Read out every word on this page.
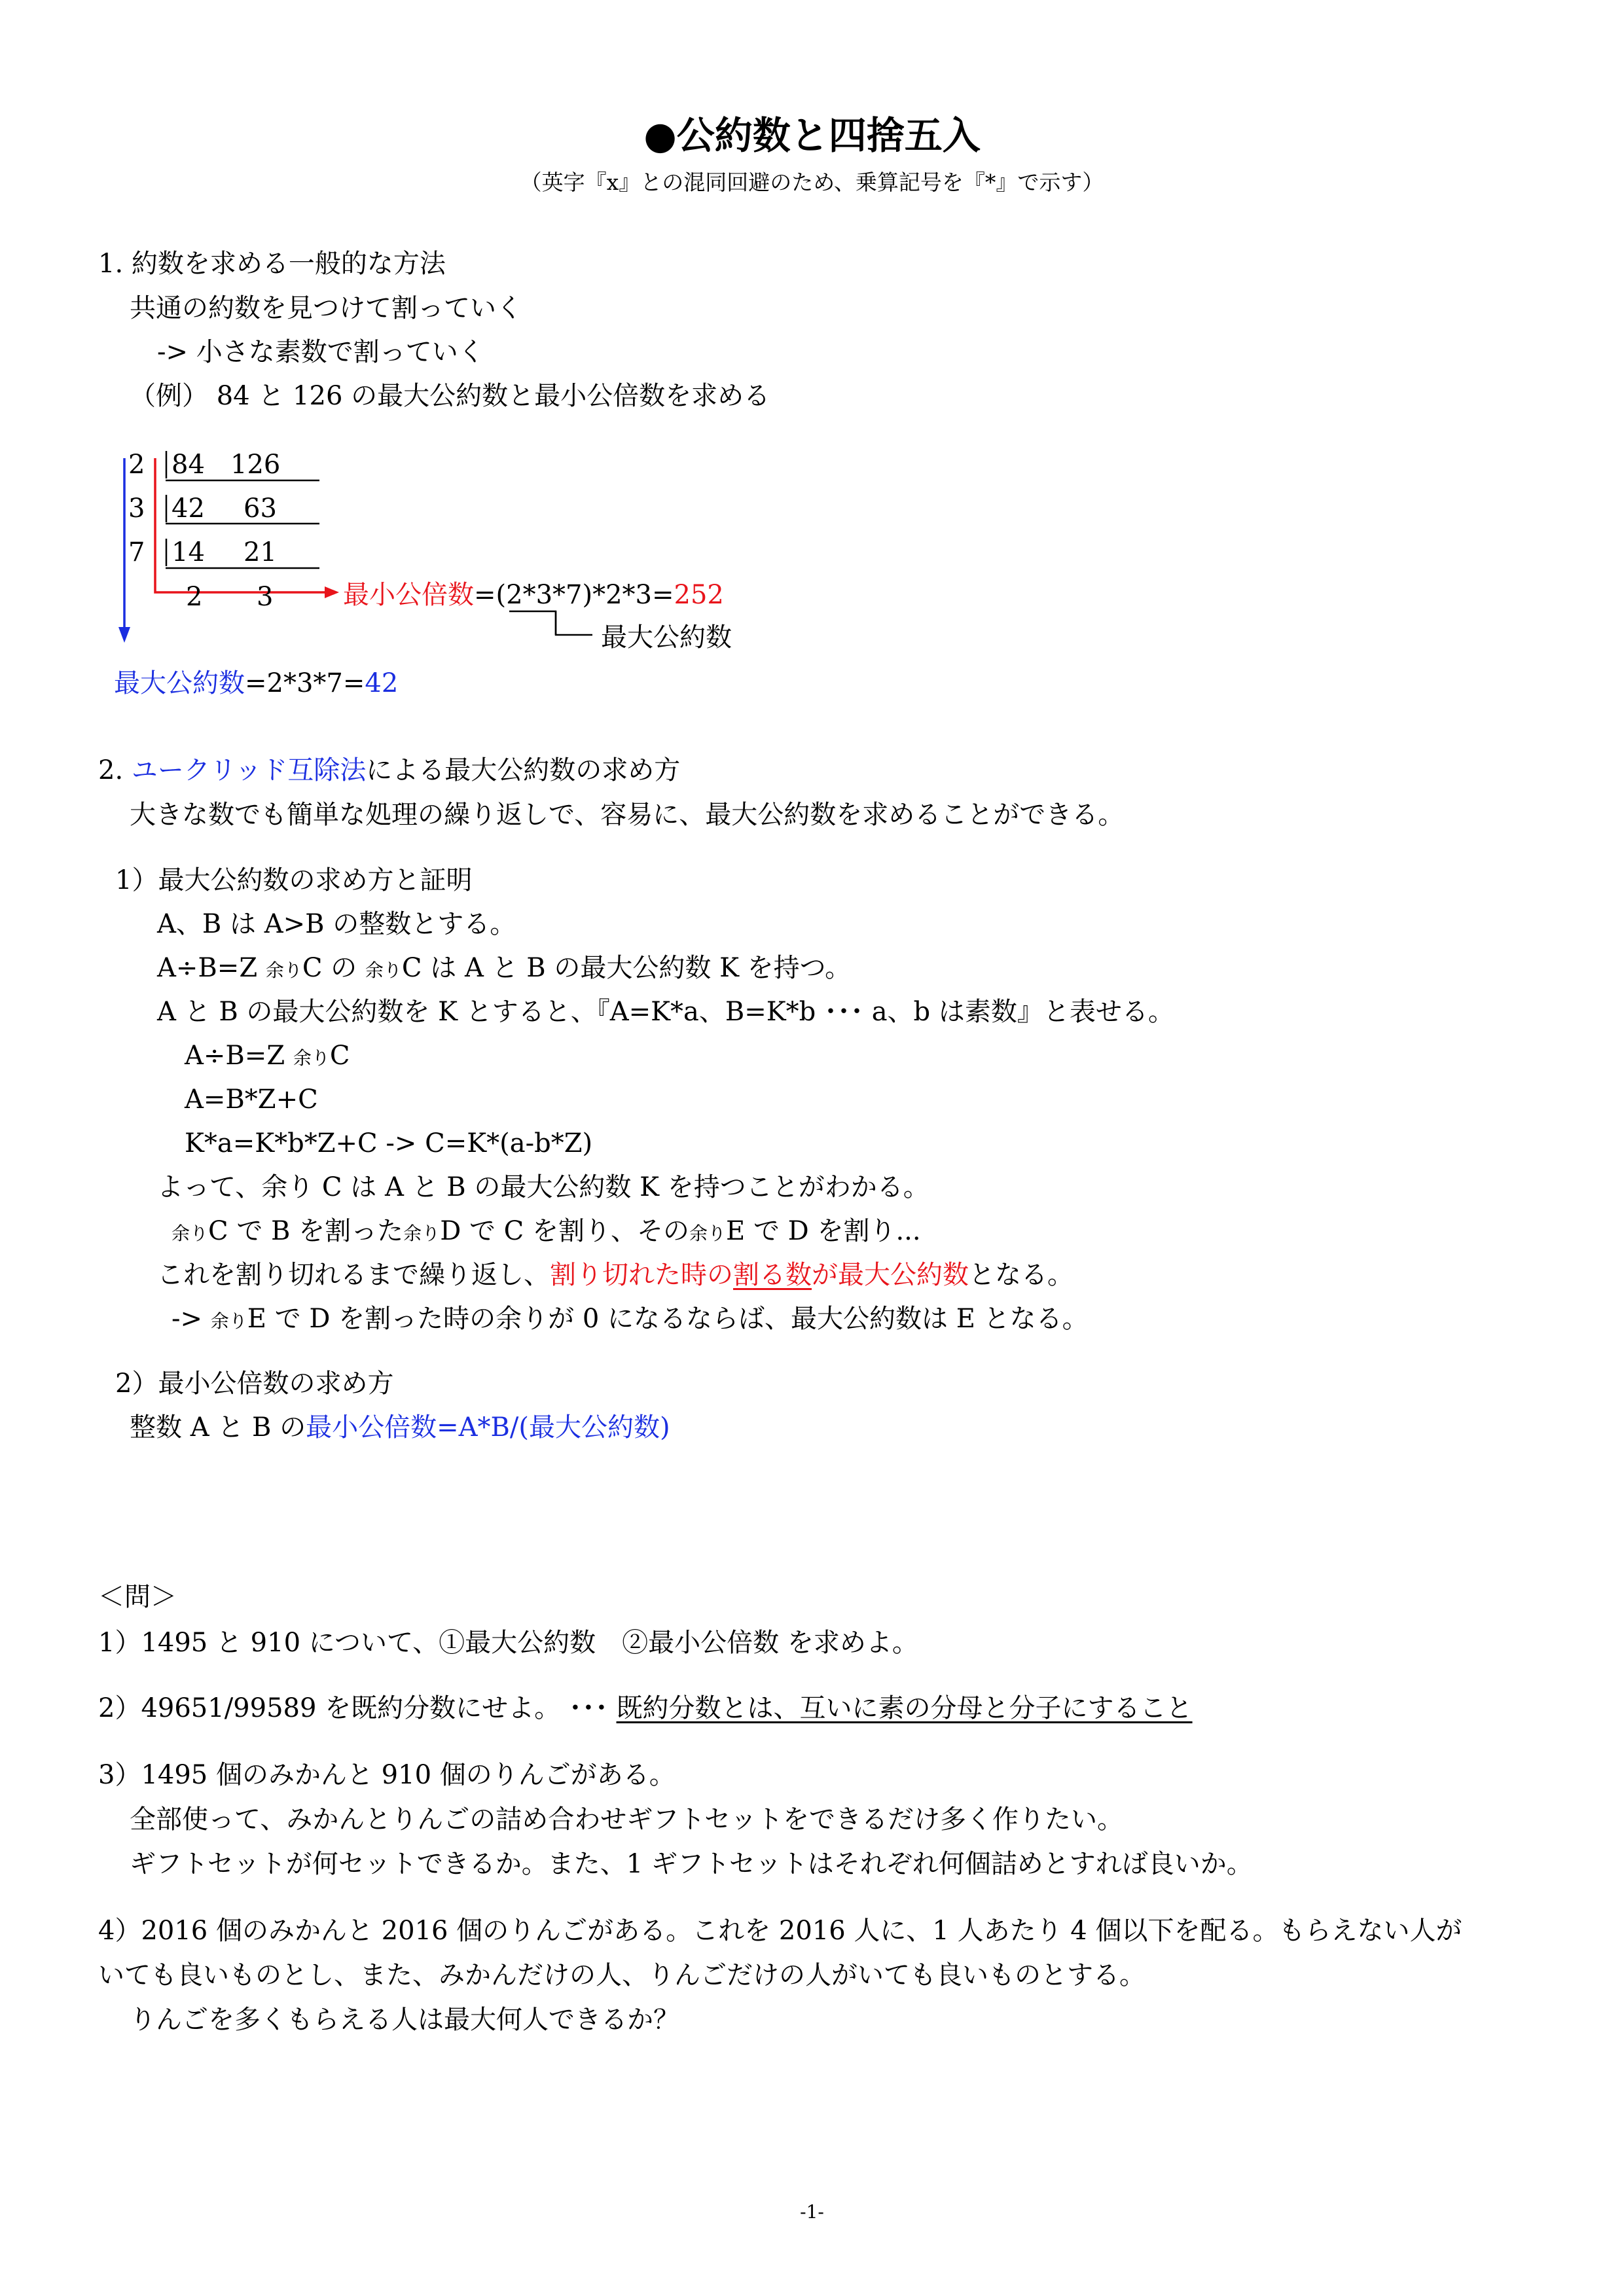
●公約数と四捨五入
（英字『x』との混同回避のため、乗算記号を『*』で示す）
1. 約数を求める一般的な方法
共通の約数を見つけて割っていく
-> 小さな素数で割っていく
（例） 84 と 126 の最大公約数と最小公倍数を求める
2
3
7
84 126
42 63
14 21
2 3	最小公倍数=(2*3*7)*2*3=252
最大公約数
最大公約数=2*3*7=42
2. ユークリッド互除法による最大公約数の求め方
大きな数でも簡単な処理の繰り返しで、容易に、最大公約数を求めることができる。
1）最大公約数の求め方と証明
A、B は A>B の整数とする。
A÷B=Z 余りC の 余りC は A と B の最大公約数 K を持つ。
A と B の最大公約数を K とすると、『A=K*a、B=K*b ･･･ a、b は素数』と表せる。
A÷B=Z 余りC
A=B*Z+C
K*a=K*b*Z+C -> C=K*(a-b*Z)
よって、余り C は A と B の最大公約数 K を持つことがわかる。
余りC で B を割った余りD で C を割り、その余りE で D を割り...
これを割り切れるまで繰り返し、割り切れた時の割る数が最大公約数となる。
-> 余りE で D を割った時の余りが 0 になるならば、最大公約数は E となる。
2）最小公倍数の求め方
整数 A と B の最小公倍数=A*B/(最大公約数)
＜問＞
1）1495 と 910 について、①最大公約数　②最小公倍数 を求めよ。
2）49651/99589 を既約分数にせよ。 ･･･ 既約分数とは、互いに素の分母と分子にすること
3）1495 個のみかんと 910 個のりんごがある。
全部使って、みかんとりんごの詰め合わせギフトセットをできるだけ多く作りたい。
ギフトセットが何セットできるか。また、1 ギフトセットはそれぞれ何個詰めとすれば良いか。
4）2016 個のみかんと 2016 個のりんごがある。これを 2016 人に、1 人あたり 4 個以下を配る。もらえない人が
いても良いものとし、また、みかんだけの人、りんごだけの人がいても良いものとする。
りんごを多くもらえる人は最大何人できるか？
-1-
